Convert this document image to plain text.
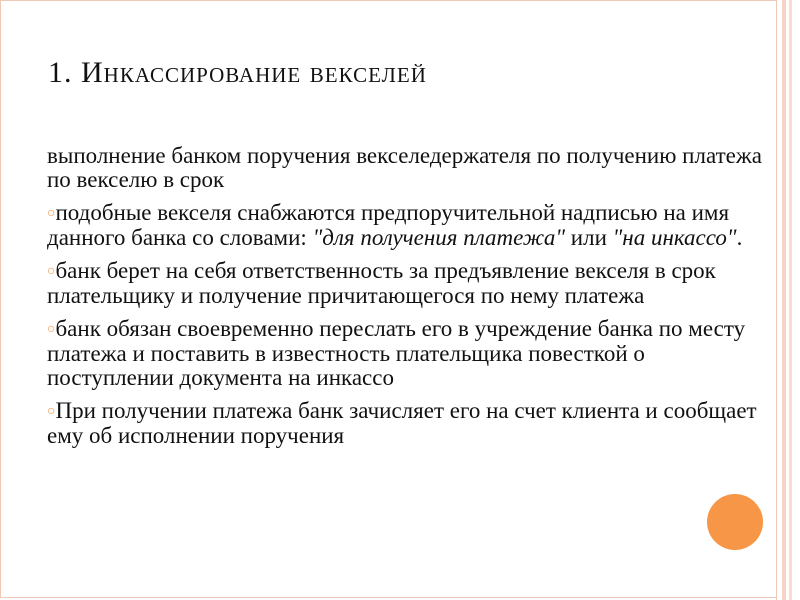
1. Инкассирование векселей
выполнение банком поручения векселедержателя по получению платежа по векселю в срок
○подобные векселя снабжаются предпоручительной надписью на имя данного банка со словами: "для получения платежа" или "на инкассо".
○банк берет на себя ответственность за предъявление векселя в срок плательщику и получение причитающегося по нему платежа
○банк обязан своевременно переслать его в учреждение банка по месту платежа и поставить в известность плательщика повесткой о поступлении документа на инкассо
○При получении платежа банк зачисляет его на счет клиента и сообщает ему об исполнении поручения
